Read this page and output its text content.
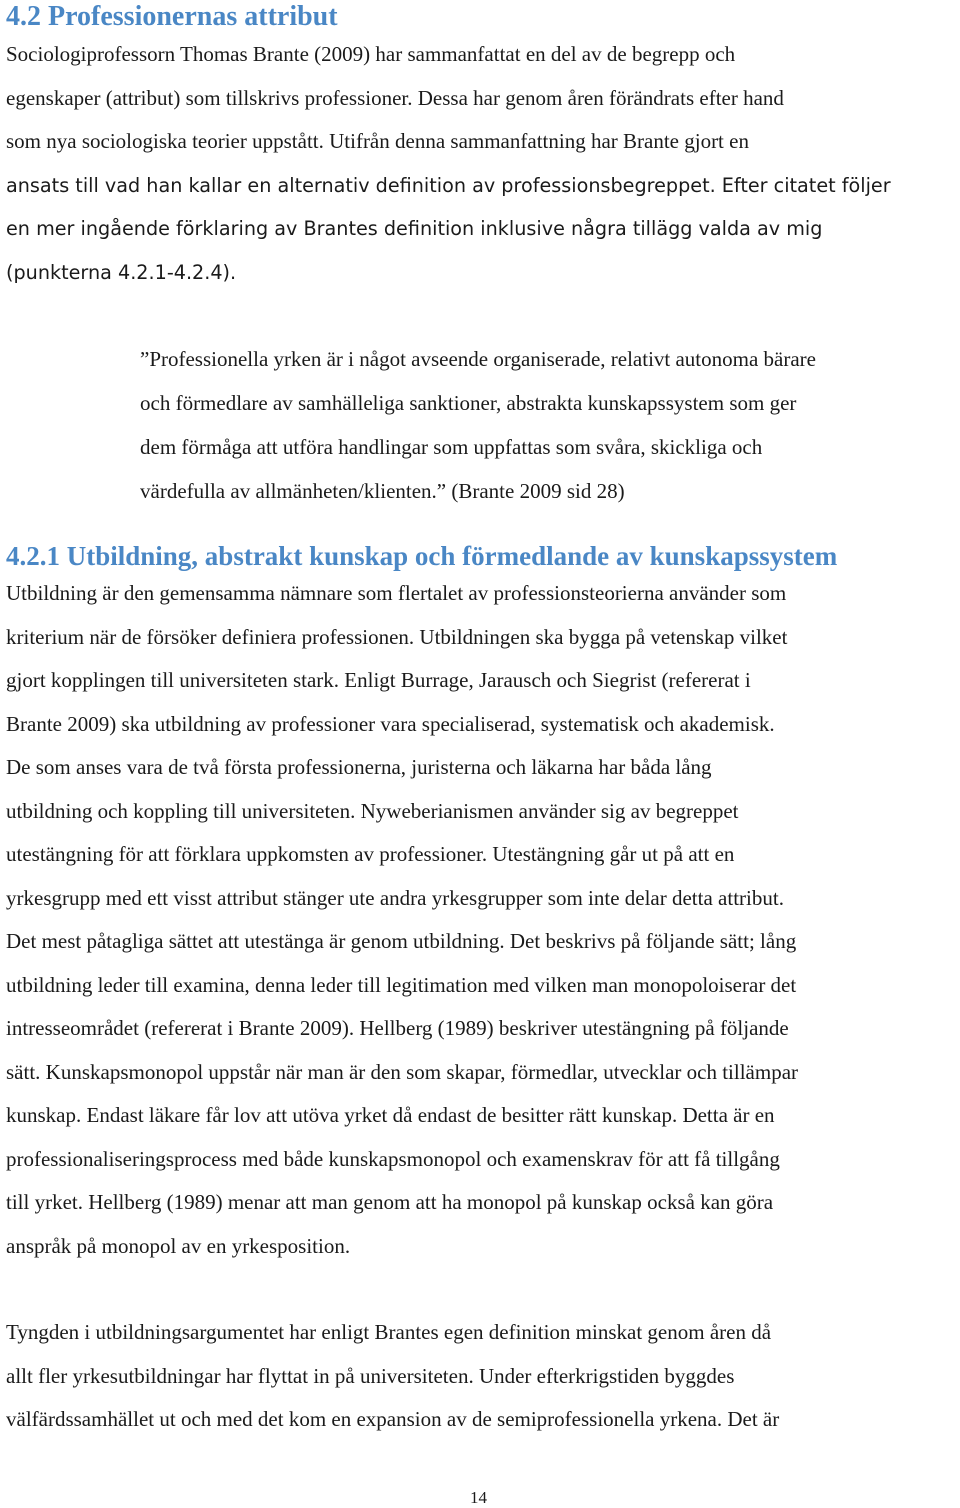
4.2 Professionernas attribut
Sociologiprofessorn Thomas Brante (2009) har sammanfattat en del av de begrepp och
egenskaper (attribut) som tillskrivs professioner. Dessa har genom åren förändrats efter hand
som nya sociologiska teorier uppstått. Utifrån denna sammanfattning har Brante gjort en
ansats till vad han kallar en alternativ definition av professionsbegreppet. Efter citatet följer
en mer ingående förklaring av Brantes definition inklusive några tillägg valda av mig
(punkterna 4.2.1-4.2.4).
”Professionella yrken är i något avseende organiserade, relativt autonoma bärare
och förmedlare av samhälleliga sanktioner, abstrakta kunskapssystem som ger
dem förmåga att utföra handlingar som uppfattas som svåra, skickliga och
värdefulla av allmänheten/klienten.” (Brante 2009 sid 28)
4.2.1 Utbildning, abstrakt kunskap och förmedlande av kunskapssystem
Utbildning är den gemensamma nämnare som flertalet av professionsteorierna använder som
kriterium när de försöker definiera professionen. Utbildningen ska bygga på vetenskap vilket
gjort kopplingen till universiteten stark. Enligt Burrage, Jarausch och Siegrist (refererat i
Brante 2009) ska utbildning av professioner vara specialiserad, systematisk och akademisk.
De som anses vara de två första professionerna, juristerna och läkarna har båda lång
utbildning och koppling till universiteten. Nyweberianismen använder sig av begreppet
utestängning för att förklara uppkomsten av professioner. Utestängning går ut på att en
yrkesgrupp med ett visst attribut stänger ute andra yrkesgrupper som inte delar detta attribut.
Det mest påtagliga sättet att utestänga är genom utbildning. Det beskrivs på följande sätt; lång
utbildning leder till examina, denna leder till legitimation med vilken man monopoloiserar det
intresseområdet (refererat i Brante 2009). Hellberg (1989) beskriver utestängning på följande
sätt. Kunskapsmonopol uppstår när man är den som skapar, förmedlar, utvecklar och tillämpar
kunskap. Endast läkare får lov att utöva yrket då endast de besitter rätt kunskap. Detta är en
professionaliseringsprocess med både kunskapsmonopol och examenskrav för att få tillgång
till yrket. Hellberg (1989) menar att man genom att ha monopol på kunskap också kan göra
anspråk på monopol av en yrkesposition.
Tyngden i utbildningsargumentet har enligt Brantes egen definition minskat genom åren då
allt fler yrkesutbildningar har flyttat in på universiteten. Under efterkrigstiden byggdes
välfärdssamhället ut och med det kom en expansion av de semiprofessionella yrkena. Det är
14
